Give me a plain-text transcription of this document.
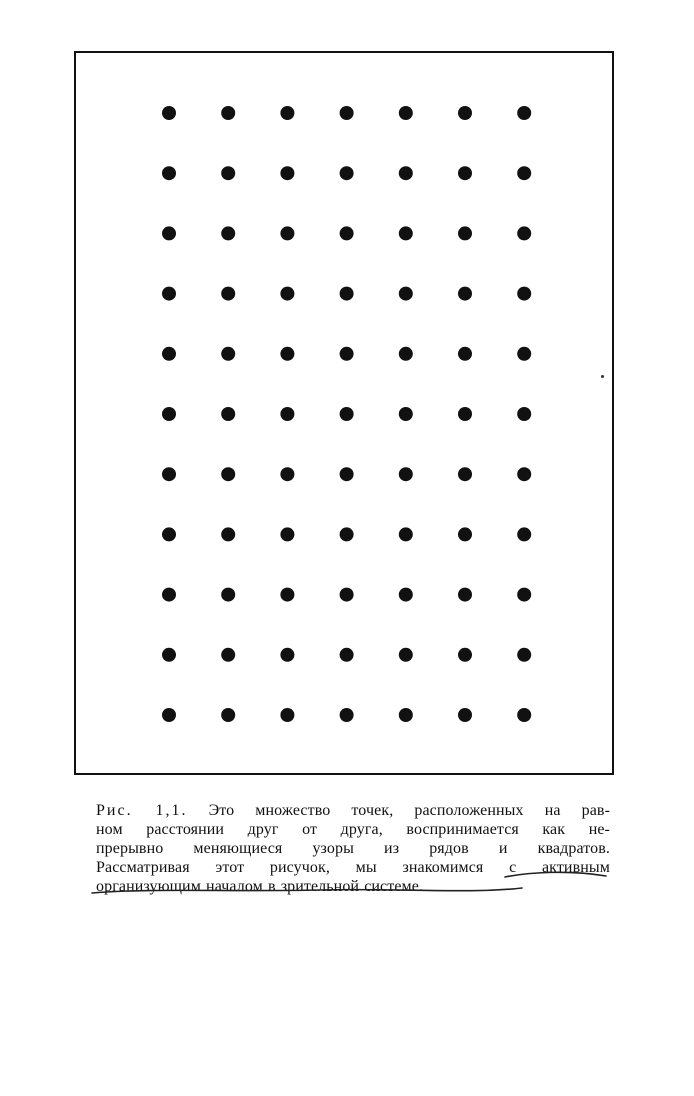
Рис. 1,1. Это множество точек, расположенных на рав-
ном расстоянии друг от друга, воспринимается как не-
прерывно меняющиеся узоры из рядов и квадратов.
Рассматривая этот рисучок, мы знакомимся с активным
организующим началом в зрительной системе.
